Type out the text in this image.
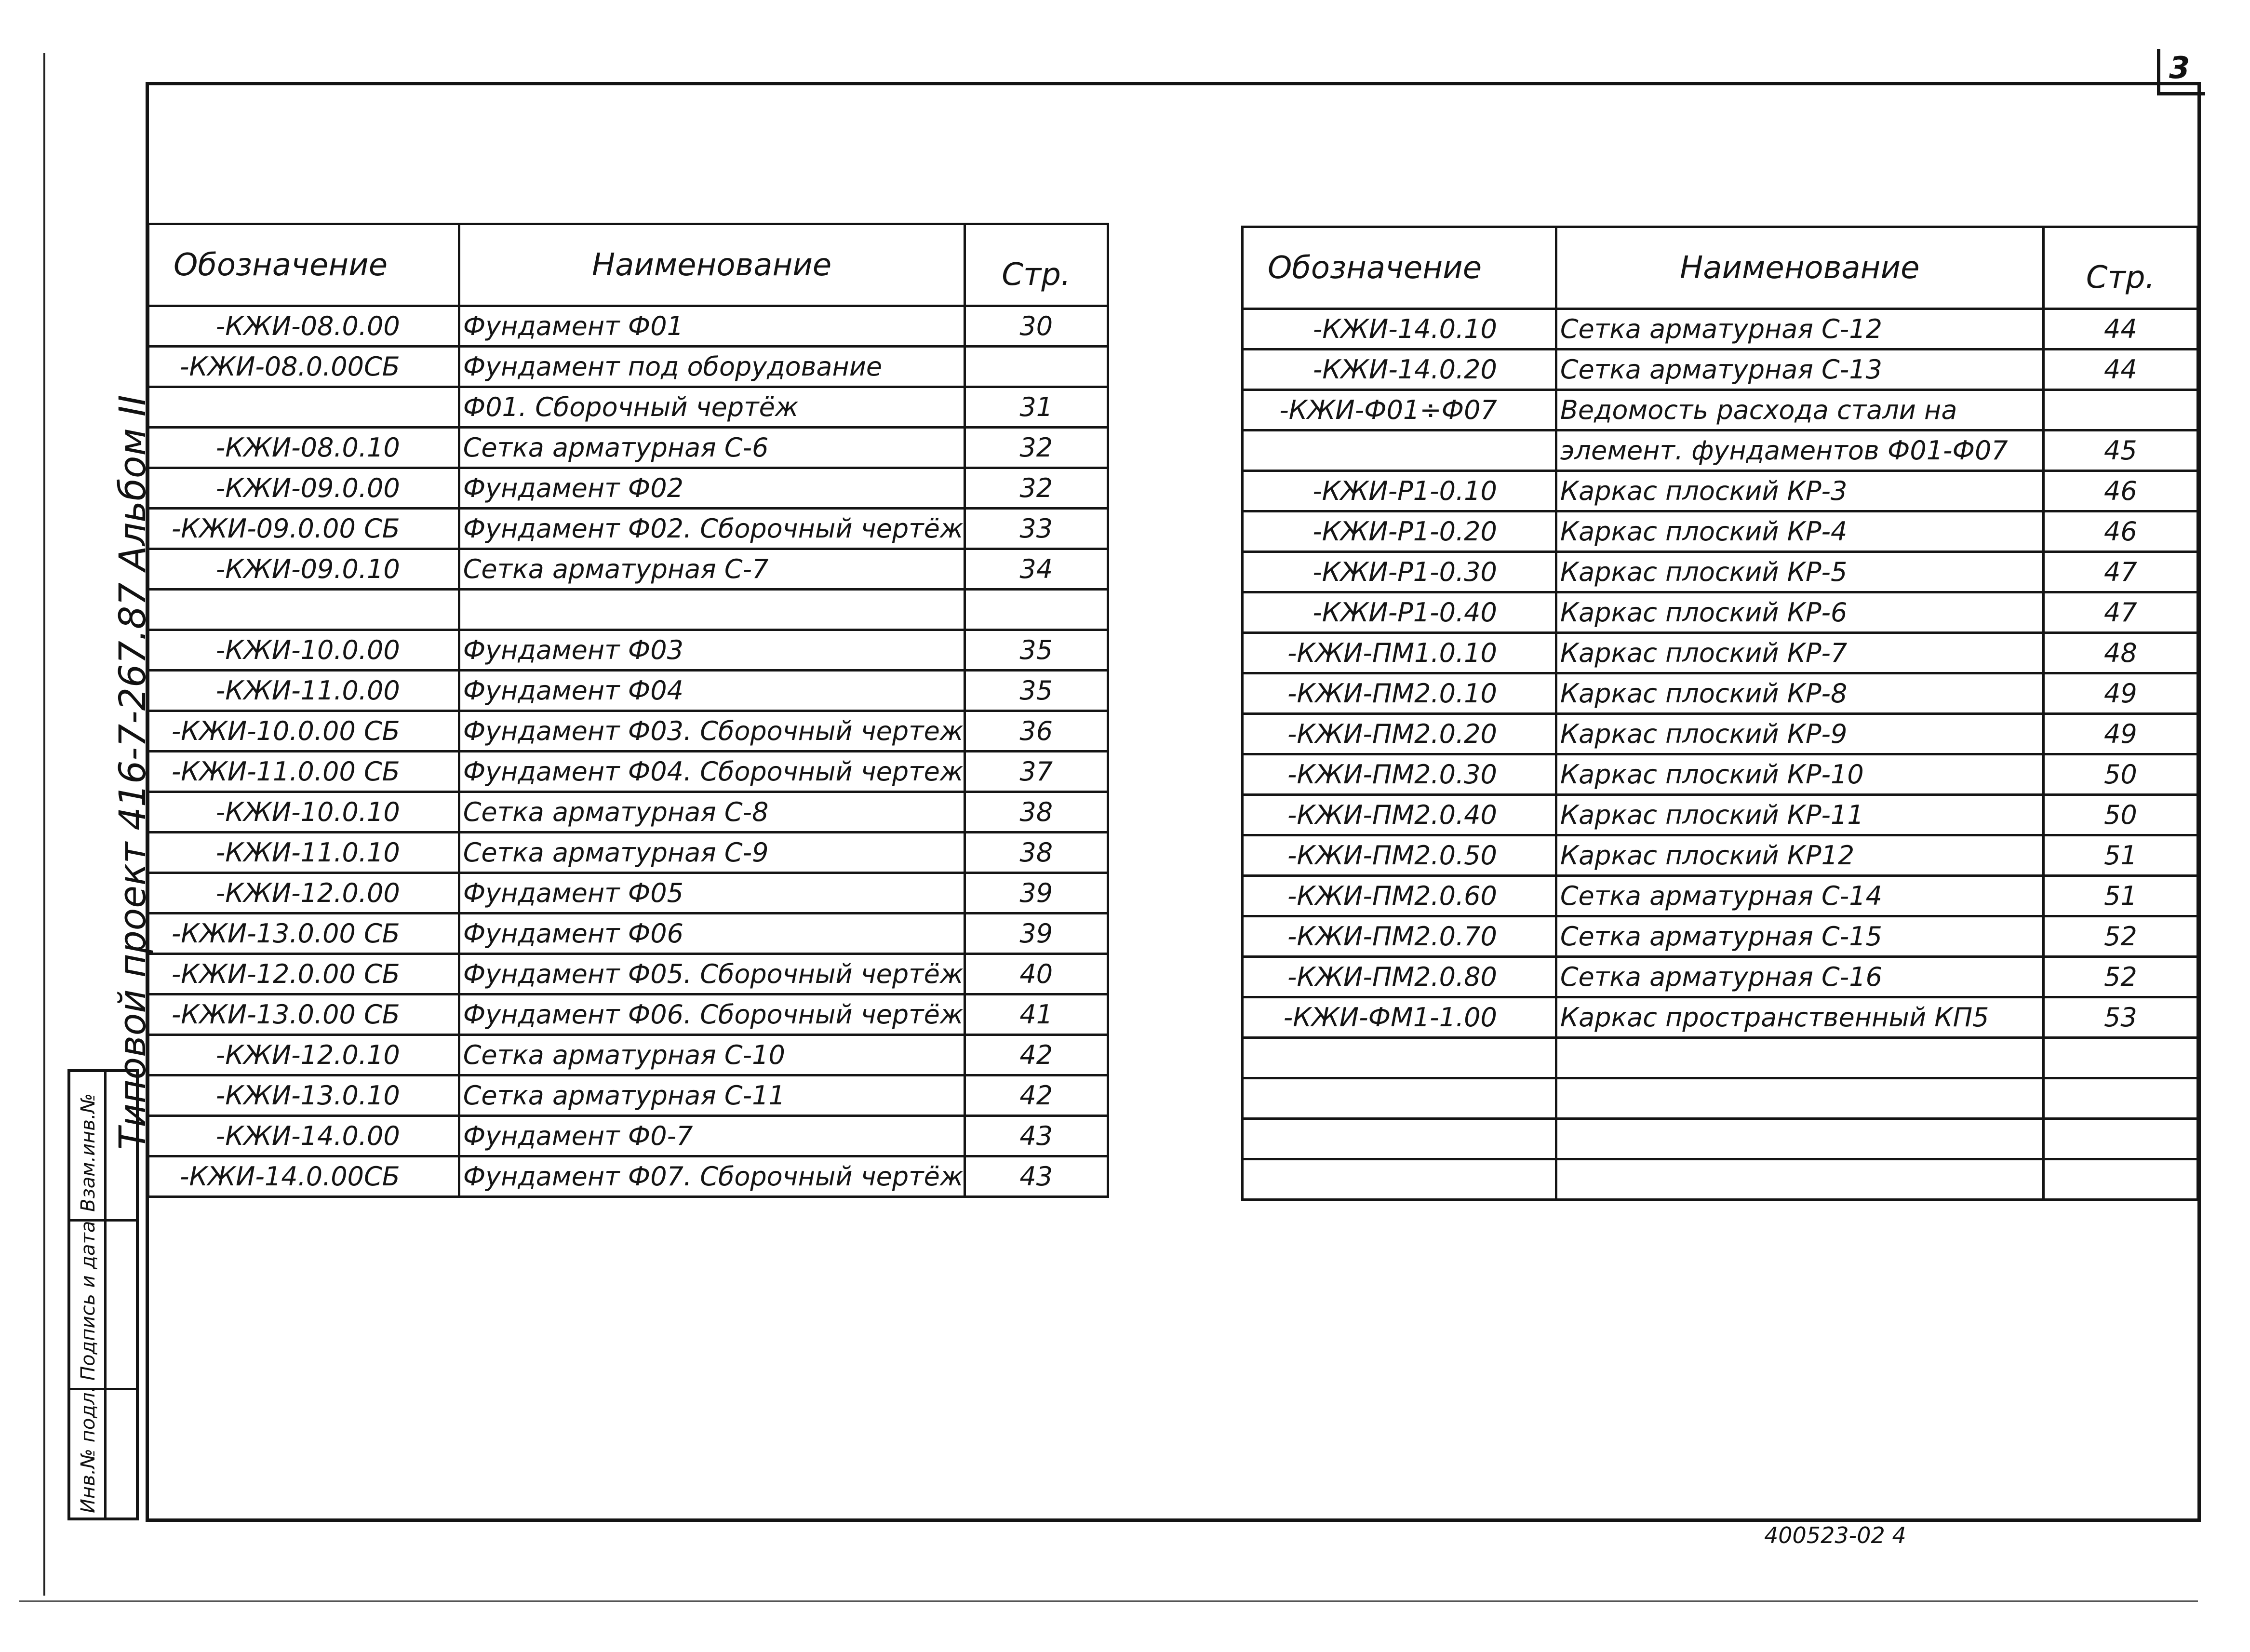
3
Типовой проект 416-7-267.87 Альбом II
Взам.инв.№
Подпись и дата
Инв.№ подл.
Обозначение	Наименование	Стр.
-КЖИ-08.0.00	Фундамент Ф01	30
-КЖИ-08.0.00СБ	Фундамент под оборудование	
	Ф01. Сборочный чертёж	31
-КЖИ-08.0.10	Сетка арматурная С-6	32
-КЖИ-09.0.00	Фундамент Ф02	32
-КЖИ-09.0.00 СБ	Фундамент Ф02. Сборочный чертёж	33
-КЖИ-09.0.10	Сетка арматурная С-7	34

-КЖИ-10.0.00	Фундамент Ф03	35
-КЖИ-11.0.00	Фундамент Ф04	35
-КЖИ-10.0.00 СБ	Фундамент Ф03. Сборочный чертеж	36
-КЖИ-11.0.00 СБ	Фундамент Ф04. Сборочный чертеж	37
-КЖИ-10.0.10	Сетка арматурная С-8	38
-КЖИ-11.0.10	Сетка арматурная С-9	38
-КЖИ-12.0.00	Фундамент Ф05	39
-КЖИ-13.0.00 СБ	Фундамент Ф06	39
-КЖИ-12.0.00 СБ	Фундамент Ф05. Сборочный чертёж	40
-КЖИ-13.0.00 СБ	Фундамент Ф06. Сборочный чертёж	41
-КЖИ-12.0.10	Сетка арматурная С-10	42
-КЖИ-13.0.10	Сетка арматурная С-11	42
-КЖИ-14.0.00	Фундамент Ф0-7	43
-КЖИ-14.0.00СБ	Фундамент Ф07. Сборочный чертёж	43
Обозначение	Наименование	Стр.
-КЖИ-14.0.10	Сетка арматурная С-12	44
-КЖИ-14.0.20	Сетка арматурная С-13	44
-КЖИ-Ф01÷Ф07	Ведомость расхода стали на	
	элемент. фундаментов Ф01-Ф07	45
-КЖИ-Р1-0.10	Каркас плоский КР-3	46
-КЖИ-Р1-0.20	Каркас плоский КР-4	46
-КЖИ-Р1-0.30	Каркас плоский КР-5	47
-КЖИ-Р1-0.40	Каркас плоский КР-6	47
-КЖИ-ПМ1.0.10	Каркас плоский КР-7	48
-КЖИ-ПМ2.0.10	Каркас плоский КР-8	49
-КЖИ-ПМ2.0.20	Каркас плоский КР-9	49
-КЖИ-ПМ2.0.30	Каркас плоский КР-10	50
-КЖИ-ПМ2.0.40	Каркас плоский КР-11	50
-КЖИ-ПМ2.0.50	Каркас плоский КР12	51
-КЖИ-ПМ2.0.60	Сетка арматурная С-14	51
-КЖИ-ПМ2.0.70	Сетка арматурная С-15	52
-КЖИ-ПМ2.0.80	Сетка арматурная С-16	52
-КЖИ-ФМ1-1.00	Каркас пространственный КП5	53

400523-02 4
